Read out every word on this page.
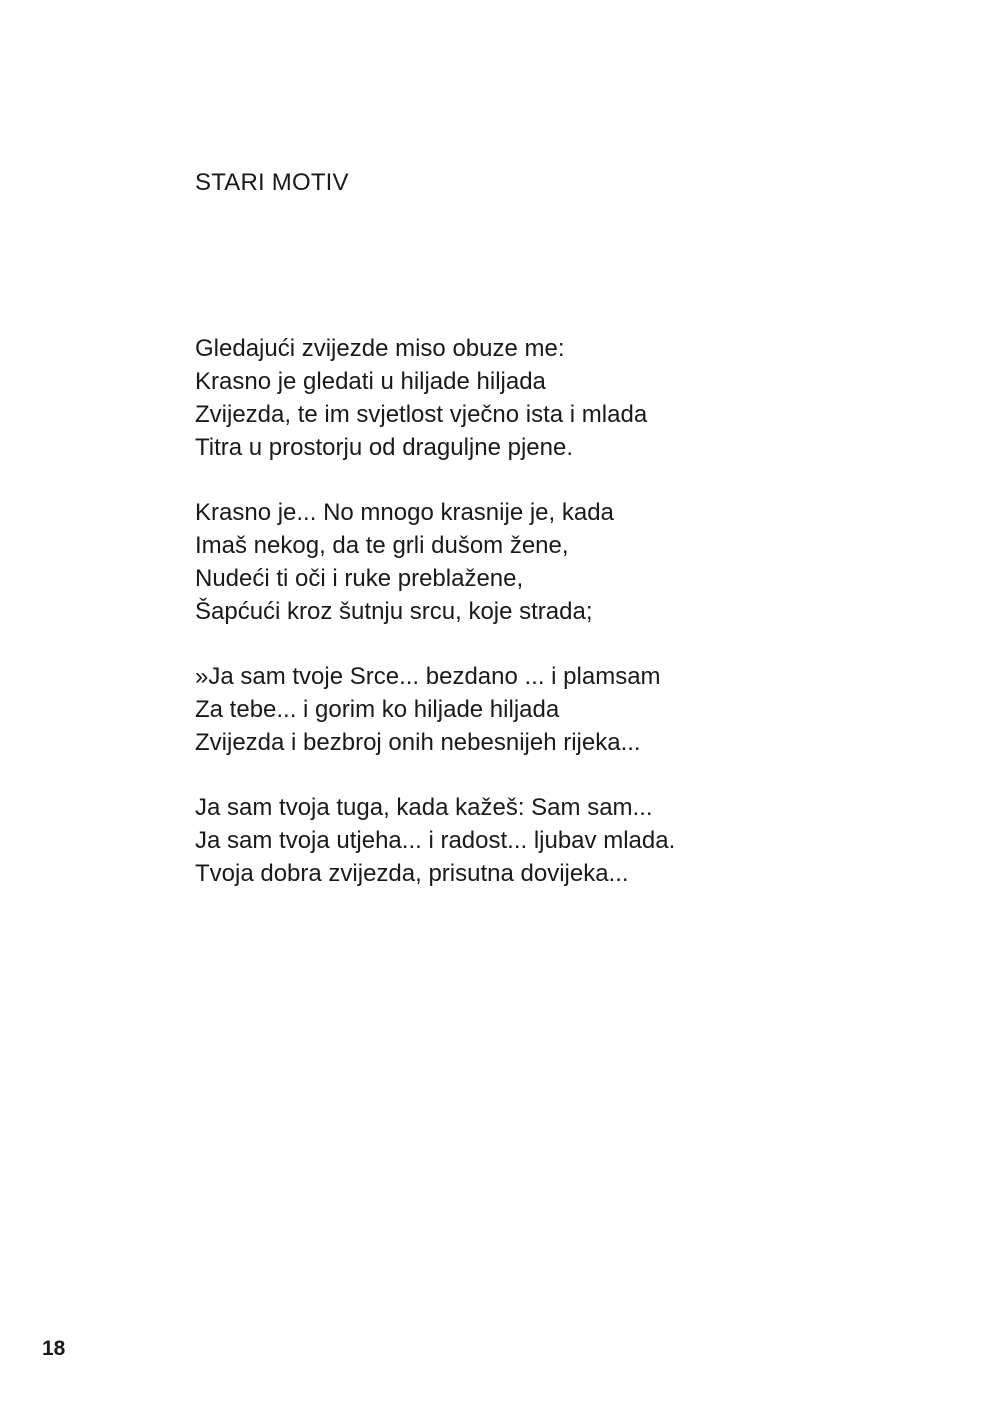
STARI MOTIV
Gledajući zvijezde miso obuze me:
Krasno je gledati u hiljade hiljada
Zvijezda, te im svjetlost vječno ista i mlada
Titra u prostorju od draguljne pjene.
Krasno je... No mnogo krasnije je, kada
Imaš nekog, da te grli dušom žene,
Nudeći ti oči i ruke preblažene,
Šapćući kroz šutnju srcu, koje strada;
»Ja sam tvoje Srce... bezdano ... i plamsam
Za tebe... i gorim ko hiljade hiljada
Zvijezda i bezbroj onih nebesnijeh rijeka...
Ja sam tvoja tuga, kada kažeš: Sam sam...
Ja sam tvoja utjeha... i radost... ljubav mlada.
Tvoja dobra zvijezda, prisutna dovijeka...
18
